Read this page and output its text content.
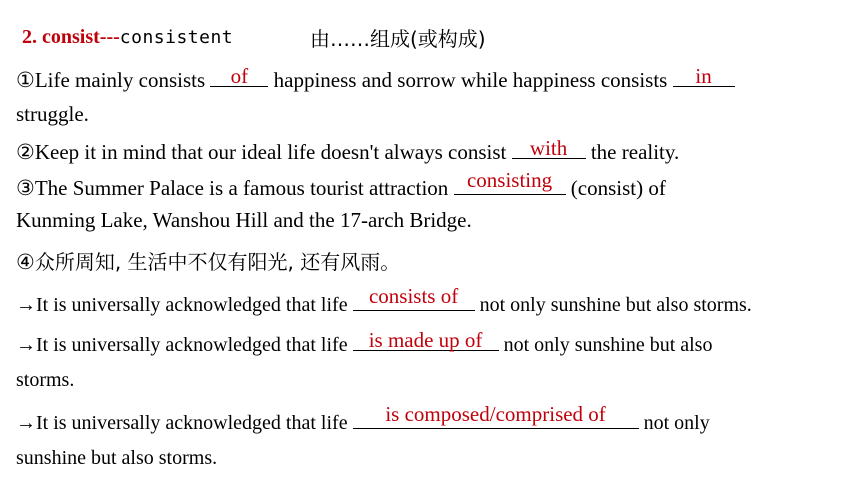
2. consist---consistent	由……组成(或构成)
①Life mainly consists of happiness and sorrow while happiness consists	in
struggle.
②Keep it in mind that our ideal life doesn't always consist with the reality.
③The Summer Palace is a famous tourist attraction consisting (consist) of
Kunming Lake, Wanshou Hill and the 17-arch Bridge.
④众所周知, 生活中不仅有阳光, 还有风雨。
→It is universally acknowledged that life consists of not only sunshine but also storms.
→It is universally acknowledged that life is made up of not only sunshine but also
storms.
→It is universally acknowledged that life	is composed/comprised of	not only
sunshine but also storms.
